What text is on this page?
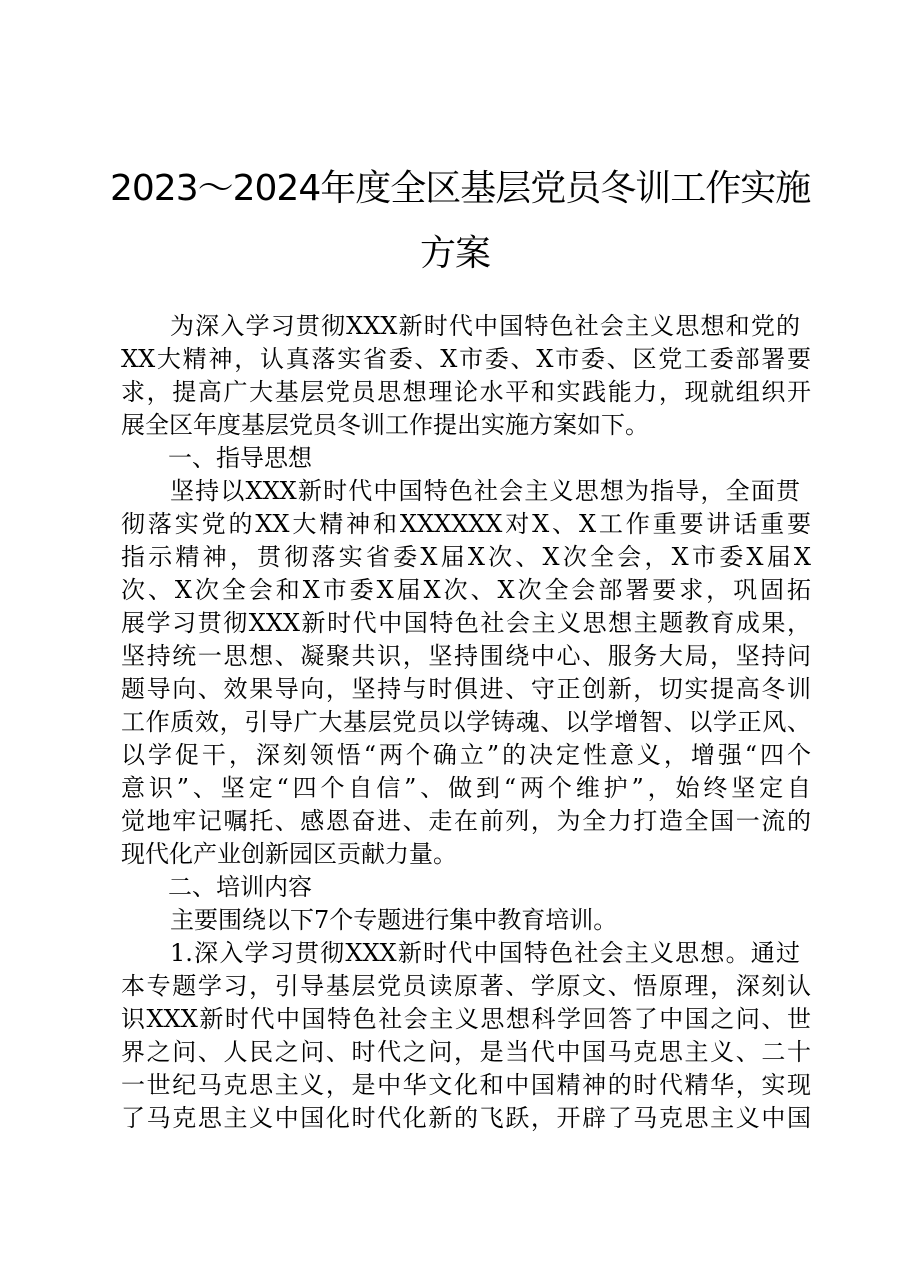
2023～2024年度全区基层党员冬训工作实施
方案
为深入学习贯彻XXX新时代中国特色社会主义思想和党的
XX大精神，认真落实省委、X市委、X市委、区党工委部署要
求，提高广大基层党员思想理论水平和实践能力，现就组织开
展全区年度基层党员冬训工作提出实施方案如下。
一、指导思想
坚持以XXX新时代中国特色社会主义思想为指导，全面贯
彻落实党的XX大精神和XXXXXX对X、X工作重要讲话重要
指示精神，贯彻落实省委X届X次、X次全会，X市委X届X
次、X次全会和X市委X届X次、X次全会部署要求，巩固拓
展学习贯彻XXX新时代中国特色社会主义思想主题教育成果，
坚持统一思想、凝聚共识，坚持围绕中心、服务大局，坚持问
题导向、效果导向，坚持与时俱进、守正创新，切实提高冬训
工作质效，引导广大基层党员以学铸魂、以学增智、以学正风、
以学促干，深刻领悟“两个确立”的决定性意义，增强“四个
意识”、坚定“四个自信”、做到“两个维护”，始终坚定自
觉地牢记嘱托、感恩奋进、走在前列，为全力打造全国一流的
现代化产业创新园区贡献力量。
二、培训内容
主要围绕以下7个专题进行集中教育培训。
1.深入学习贯彻XXX新时代中国特色社会主义思想。通过
本专题学习，引导基层党员读原著、学原文、悟原理，深刻认
识XXX新时代中国特色社会主义思想科学回答了中国之问、世
界之问、人民之问、时代之问，是当代中国马克思主义、二十
一世纪马克思主义，是中华文化和中国精神的时代精华，实现
了马克思主义中国化时代化新的飞跃，开辟了马克思主义中国
